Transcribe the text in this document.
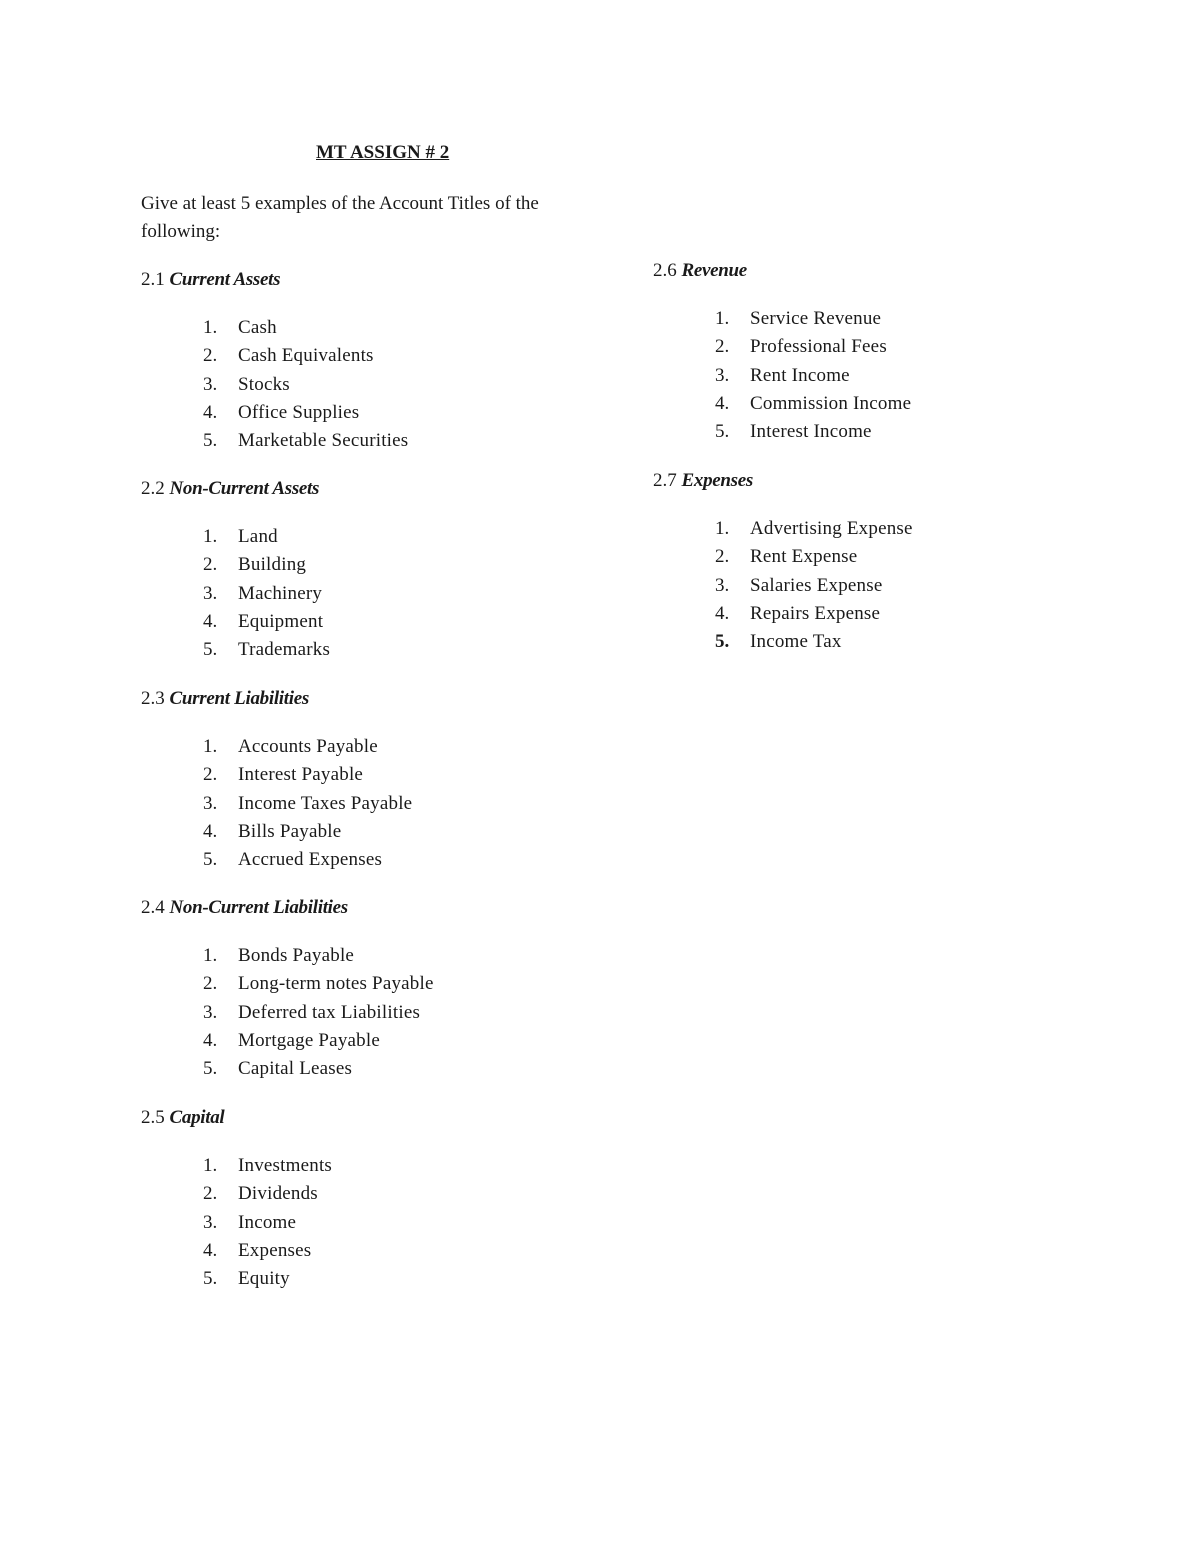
MT ASSIGN # 2
Give at least 5 examples of the Account Titles of the following:
2.1 Current Assets
1.	Cash
2.	Cash Equivalents
3.	Stocks
4.	Office Supplies
5.	Marketable Securities
2.2 Non-Current Assets
1.	Land
2.	Building
3.	Machinery
4.	Equipment
5.	Trademarks
2.3 Current Liabilities
1.	Accounts Payable
2.	Interest Payable
3.	Income Taxes Payable
4.	Bills Payable
5.	Accrued Expenses
2.4 Non-Current Liabilities
1.	Bonds Payable
2.	Long-term notes Payable
3.	Deferred tax Liabilities
4.	Mortgage Payable
5.	Capital Leases
2.5 Capital
1.	Investments
2.	Dividends
3.	Income
4.	Expenses
5.	Equity
2.6 Revenue
1.	Service Revenue
2.	Professional Fees
3.	Rent Income
4.	Commission Income
5.	Interest Income
2.7 Expenses
1.	Advertising Expense
2.	Rent Expense
3.	Salaries Expense
4.	Repairs Expense
5.	Income Tax
